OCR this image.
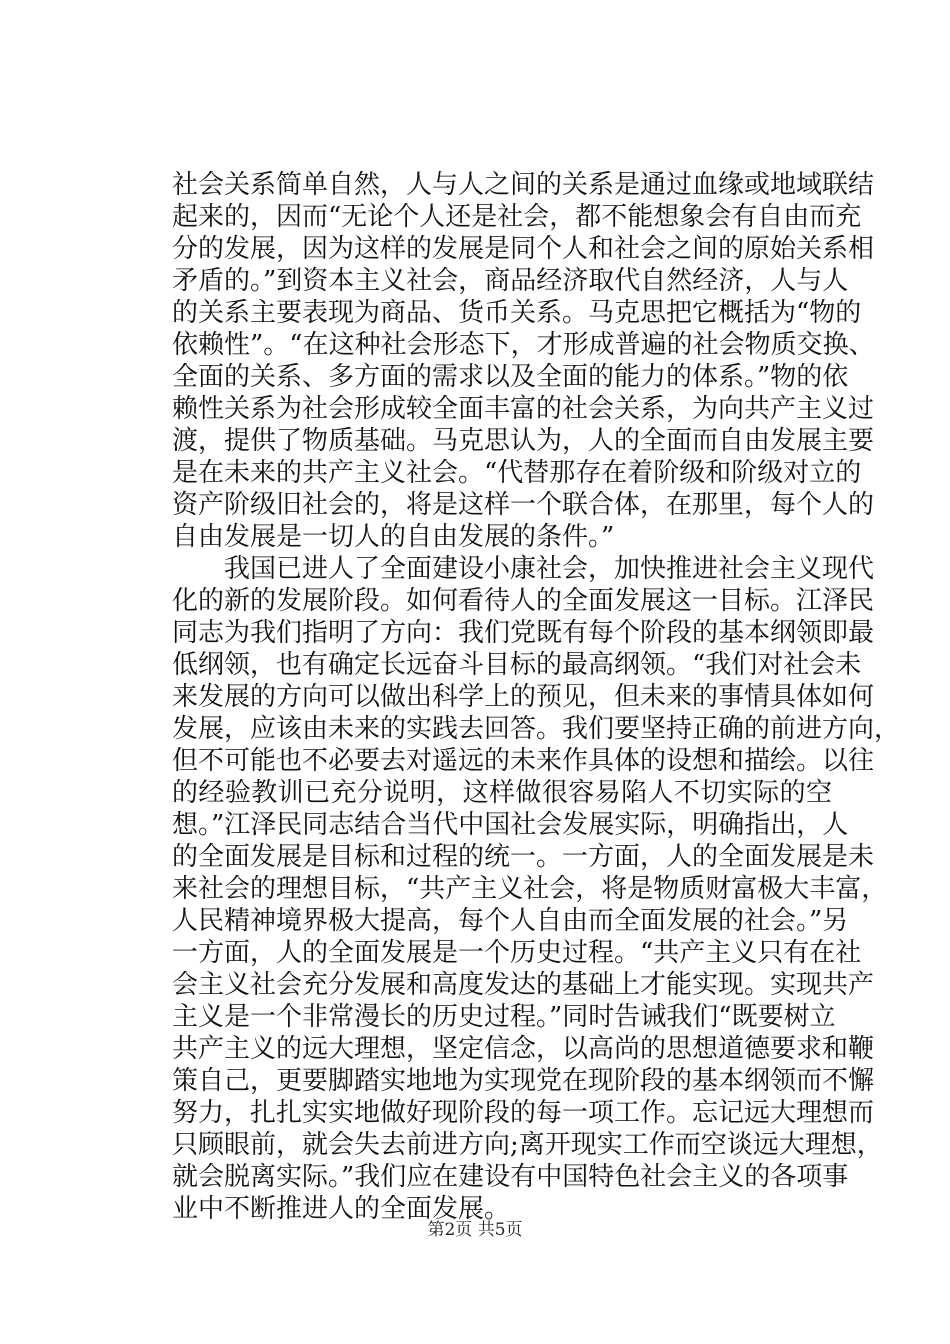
社会关系简单自然，人与人之间的关系是通过血缘或地域联结
起来的，因而“无论个人还是社会，都不能想象会有自由而充
分的发展，因为这样的发展是同个人和社会之间的原始关系相
矛盾的。”到资本主义社会，商品经济取代自然经济，人与人
的关系主要表现为商品、货币关系。马克思把它概括为“物的
依赖性”。“在这种社会形态下，才形成普遍的社会物质交换、
全面的关系、多方面的需求以及全面的能力的体系。”物的依
赖性关系为社会形成较全面丰富的社会关系，为向共产主义过
渡，提供了物质基础。马克思认为，人的全面而自由发展主要
是在未来的共产主义社会。“代替那存在着阶级和阶级对立的
资产阶级旧社会的，将是这样一个联合体，在那里，每个人的
自由发展是一切人的自由发展的条件。”
　　我国已进人了全面建设小康社会，加快推进社会主义现代
化的新的发展阶段。如何看待人的全面发展这一目标。江泽民
同志为我们指明了方向：我们党既有每个阶段的基本纲领即最
低纲领，也有确定长远奋斗目标的最高纲领。“我们对社会未
来发展的方向可以做出科学上的预见，但未来的事情具体如何
发展，应该由未来的实践去回答。我们要坚持正确的前进方向，
但不可能也不必要去对遥远的未来作具体的设想和描绘。以往
的经验教训已充分说明，这样做很容易陷人不切实际的空
想。”江泽民同志结合当代中国社会发展实际，明确指出，人
的全面发展是目标和过程的统一。一方面，人的全面发展是未
来社会的理想目标，“共产主义社会，将是物质财富极大丰富，
人民精神境界极大提高，每个人自由而全面发展的社会。”另
一方面，人的全面发展是一个历史过程。“共产主义只有在社
会主义社会充分发展和高度发达的基础上才能实现。实现共产
主义是一个非常漫长的历史过程。”同时告诫我们“既要树立
共产主义的远大理想，坚定信念，以高尚的思想道德要求和鞭
策自己，更要脚踏实地地为实现党在现阶段的基本纲领而不懈
努力，扎扎实实地做好现阶段的每一项工作。忘记远大理想而
只顾眼前，就会失去前进方向;离开现实工作而空谈远大理想，
就会脱离实际。”我们应在建设有中国特色社会主义的各项事
业中不断推进人的全面发展。
第2页 共5页
